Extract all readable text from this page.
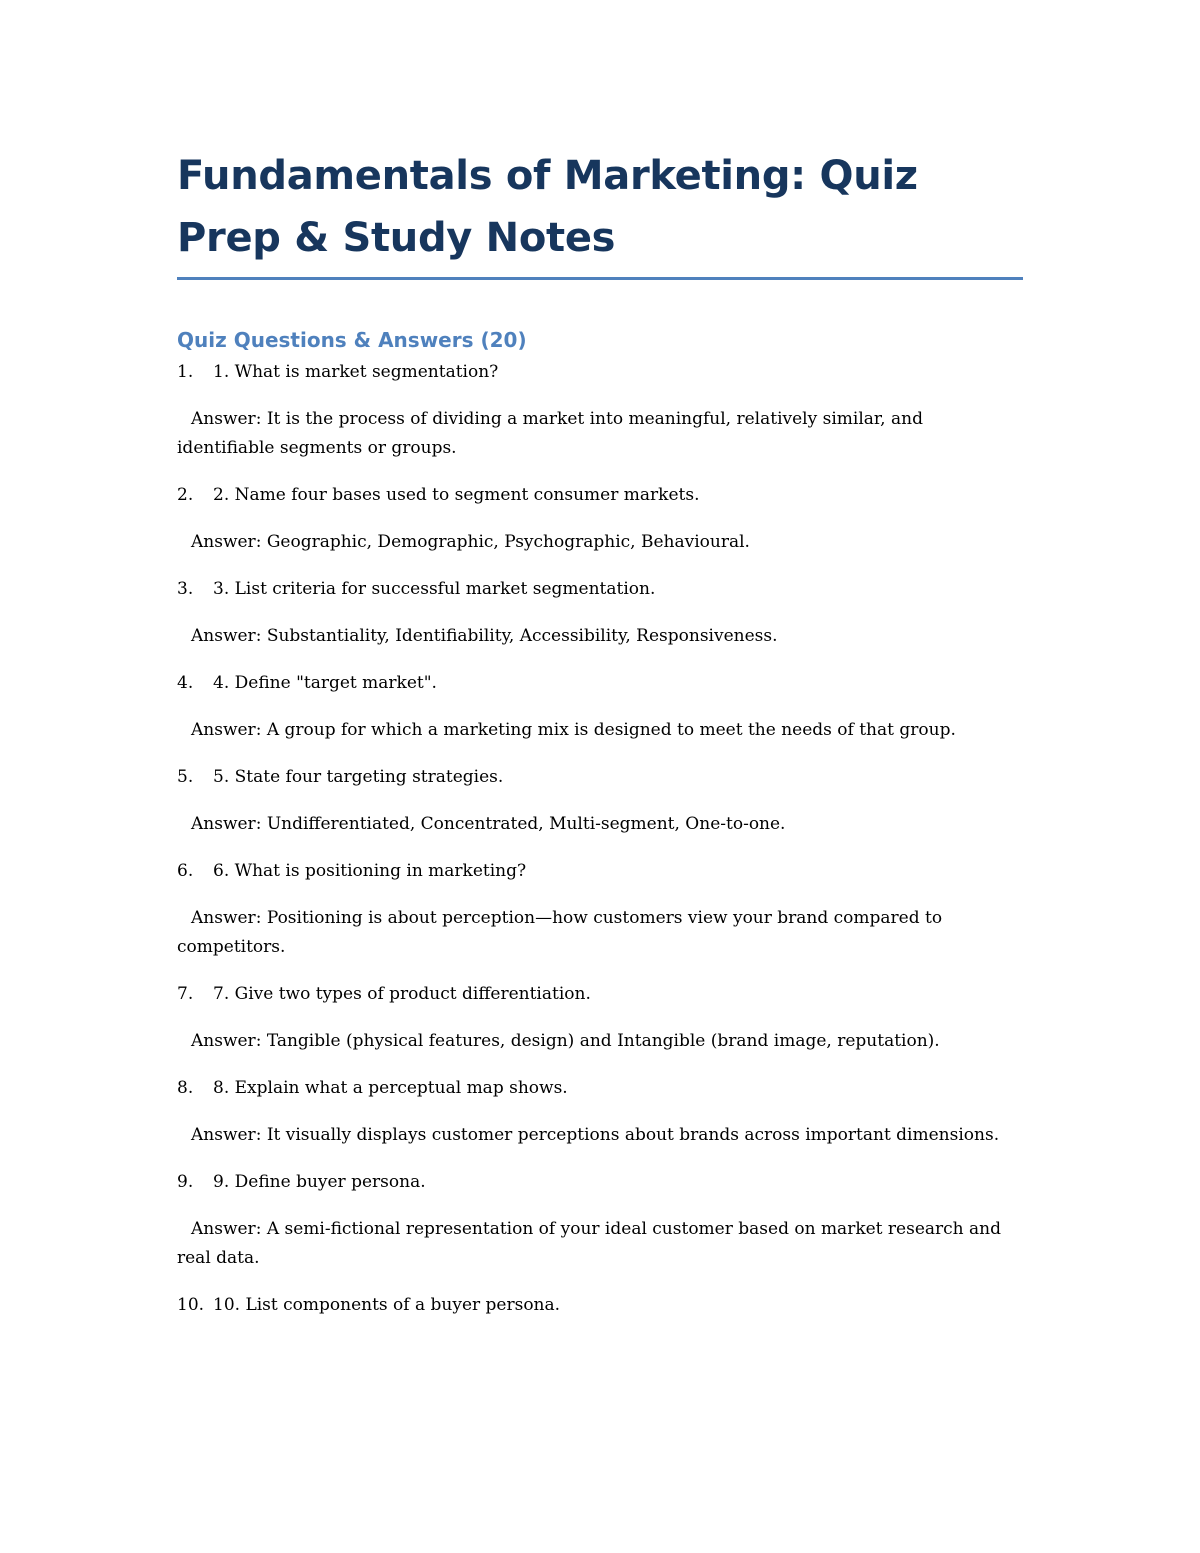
Fundamentals of Marketing: Quiz Prep & Study Notes
Quiz Questions & Answers (20)
1.	1. What is market segmentation?

Answer: It is the process of dividing a market into meaningful, relatively similar, and identifiable segments or groups.

2.	2. Name four bases used to segment consumer markets.

Answer: Geographic, Demographic, Psychographic, Behavioural.

3.	3. List criteria for successful market segmentation.

Answer: Substantiality, Identifiability, Accessibility, Responsiveness.

4.	4. Define "target market".

Answer: A group for which a marketing mix is designed to meet the needs of that group.

5.	5. State four targeting strategies.

Answer: Undifferentiated, Concentrated, Multi-segment, One-to-one.

6.	6. What is positioning in marketing?

Answer: Positioning is about perception—how customers view your brand compared to competitors.

7.	7. Give two types of product differentiation.

Answer: Tangible (physical features, design) and Intangible (brand image, reputation).

8.	8. Explain what a perceptual map shows.

Answer: It visually displays customer perceptions about brands across important dimensions.

9.	9. Define buyer persona.

Answer: A semi-fictional representation of your ideal customer based on market research and real data.

10. 10. List components of a buyer persona.
